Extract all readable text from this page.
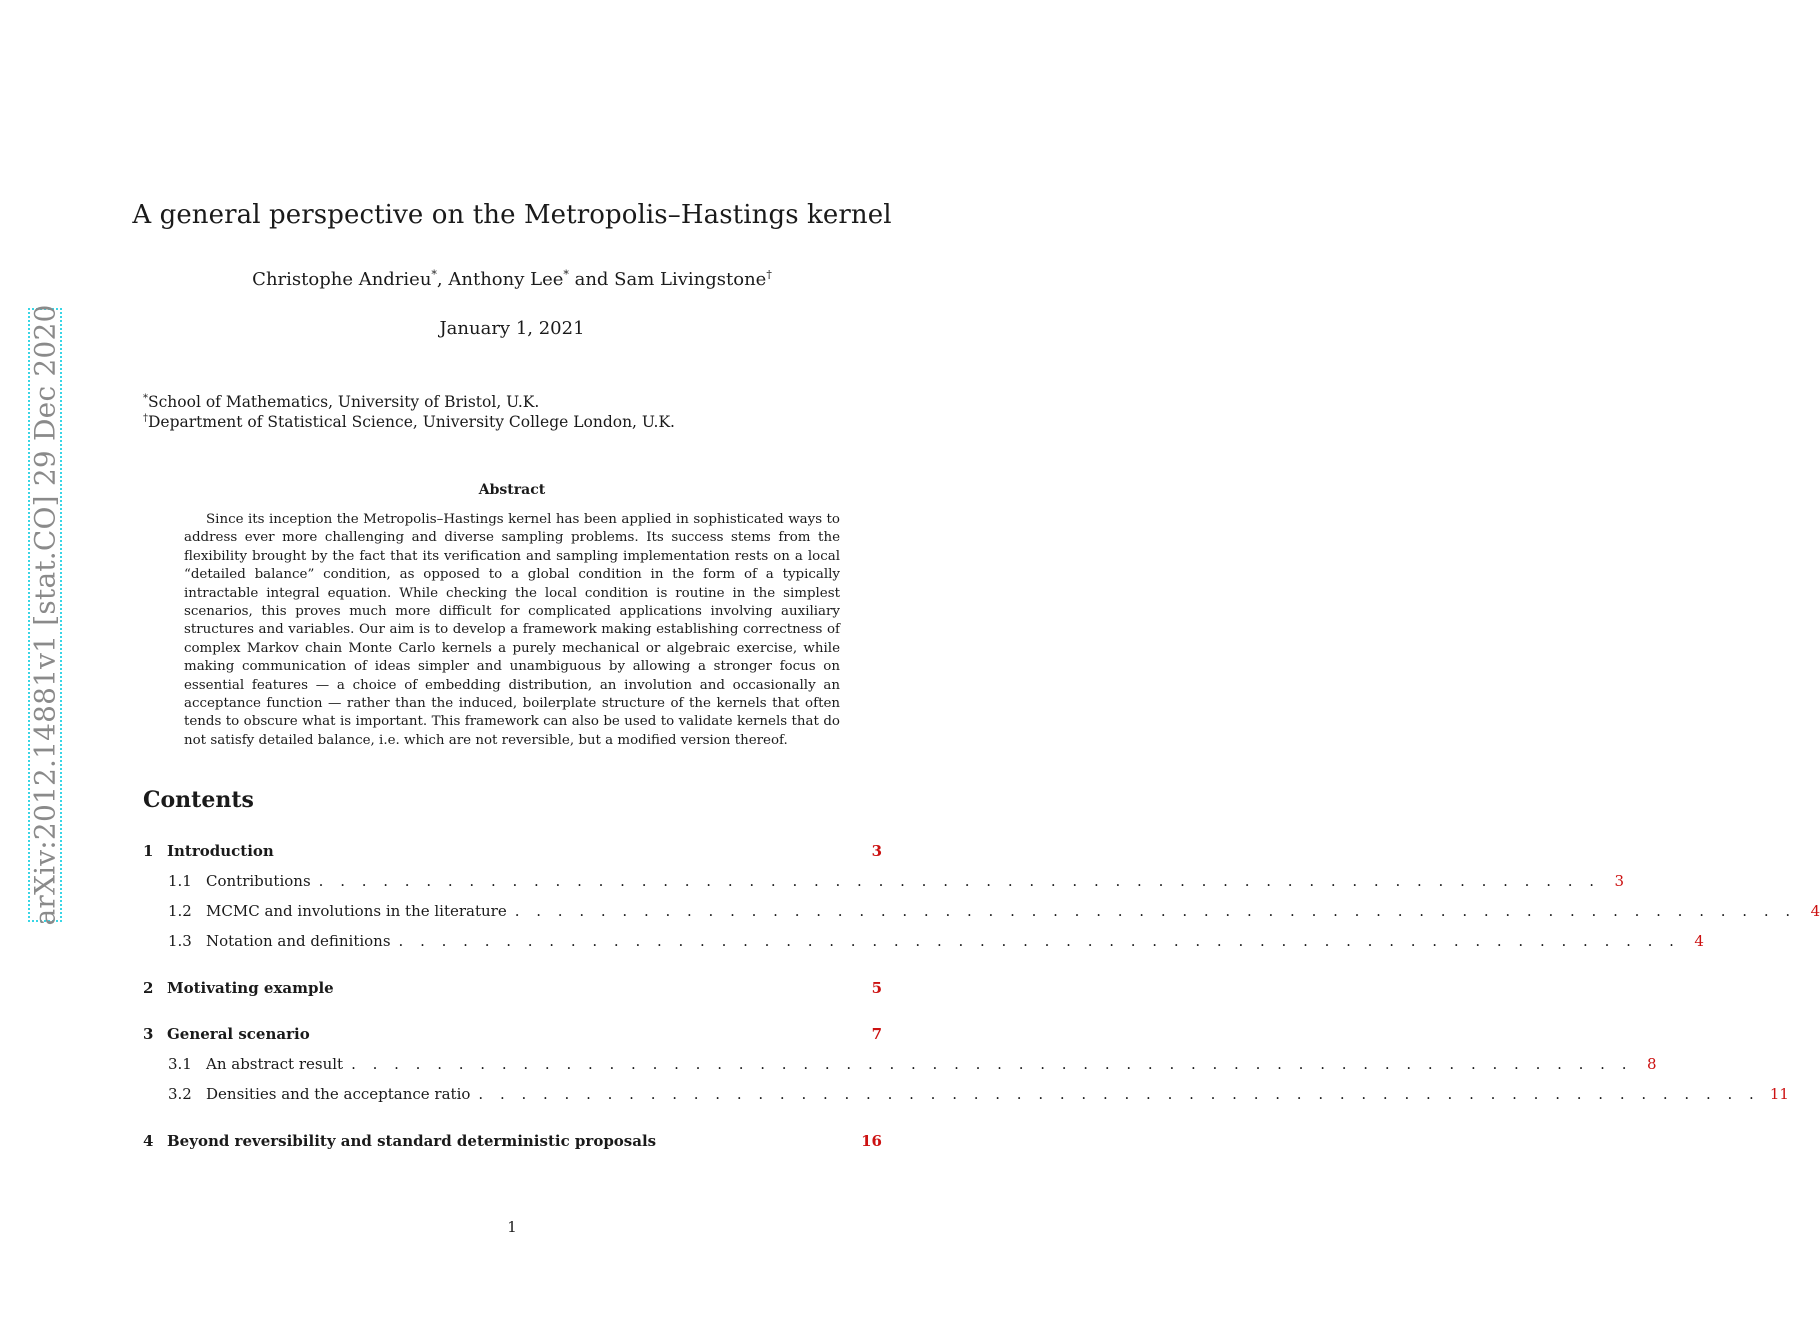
arXiv:2012.14881v1 [stat.CO] 29 Dec 2020
A general perspective on the Metropolis–Hastings kernel
Christophe Andrieu*, Anthony Lee* and Sam Livingstone†
January 1, 2021
*School of Mathematics, University of Bristol, U.K.
†Department of Statistical Science, University College London, U.K.
Abstract
Since its inception the Metropolis–Hastings kernel has been applied in sophisticated ways to address ever more challenging and diverse sampling problems. Its success stems from the flexibility brought by the fact that its verification and sampling implementation rests on a local “detailed balance” condition, as opposed to a global condition in the form of a typically intractable integral equation. While checking the local condition is routine in the simplest scenarios, this proves much more difficult for complicated applications involving auxiliary structures and variables. Our aim is to develop a framework making establishing correctness of complex Markov chain Monte Carlo kernels a purely mechanical or algebraic exercise, while making communication of ideas simpler and unambiguous by allowing a stronger focus on essential features — a choice of embedding distribution, an involution and occasionally an acceptance function — rather than the induced, boilerplate structure of the kernels that often tends to obscure what is important. This framework can also be used to validate kernels that do not satisfy detailed balance, i.e. which are not reversible, but a modified version thereof.
Contents
1 Introduction	3
1.1 Contributions . . . . . . . . . . . . . . . . . . . . . . . . . . . . . . . . . . . . . . . . . . . . . . . . . . . . . . . . . . . . 3
1.2 MCMC and involutions in the literature . . . . . . . . . . . . . . . . . . . . . . . . . . . . . . . . . . . . . . . . . . . . . . . . . . . . . . . . . . . . 4
1.3 Notation and definitions . . . . . . . . . . . . . . . . . . . . . . . . . . . . . . . . . . . . . . . . . . . . . . . . . . . . . . . . . . . . 4
2 Motivating example	5
3 General scenario	7
3.1 An abstract result . . . . . . . . . . . . . . . . . . . . . . . . . . . . . . . . . . . . . . . . . . . . . . . . . . . . . . . . . . . . 8
3.2 Densities and the acceptance ratio . . . . . . . . . . . . . . . . . . . . . . . . . . . . . . . . . . . . . . . . . . . . . . . . . . . . . . . . . . . . 11
4 Beyond reversibility and standard deterministic proposals	16
1
